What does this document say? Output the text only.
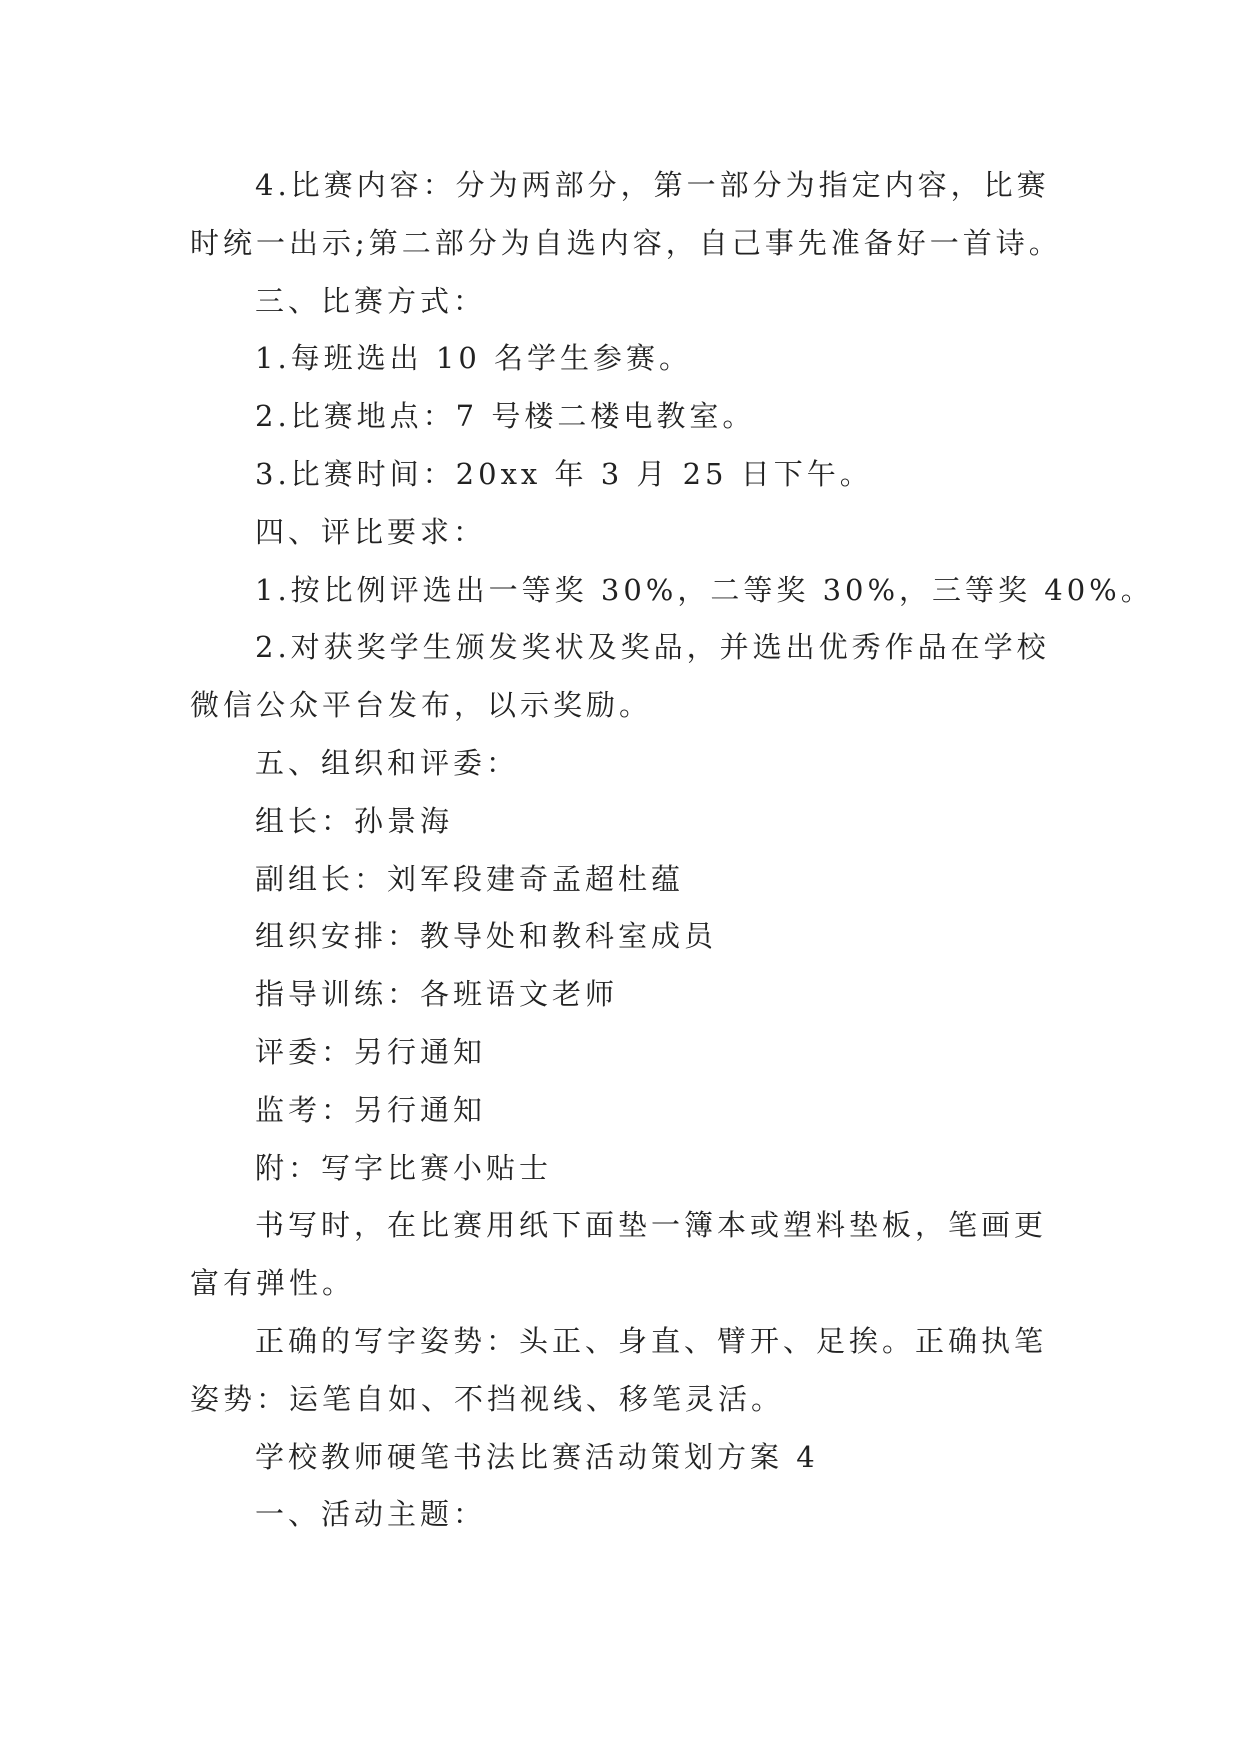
4.比赛内容：分为两部分，第一部分为指定内容，比赛
时统一出示;第二部分为自选内容，自己事先准备好一首诗。
三、比赛方式：
1.每班选出 10 名学生参赛。
2.比赛地点：7 号楼二楼电教室。
3.比赛时间：20xx 年 3 月 25 日下午。
四、评比要求：
1.按比例评选出一等奖 30%，二等奖 30%，三等奖 40%。
2.对获奖学生颁发奖状及奖品，并选出优秀作品在学校
微信公众平台发布，以示奖励。
五、组织和评委：
组长：孙景海
副组长：刘军段建奇孟超杜蕴
组织安排：教导处和教科室成员
指导训练：各班语文老师
评委：另行通知
监考：另行通知
附：写字比赛小贴士
书写时，在比赛用纸下面垫一簿本或塑料垫板，笔画更
富有弹性。
正确的写字姿势：头正、身直、臂开、足挨。正确执笔
姿势：运笔自如、不挡视线、移笔灵活。
学校教师硬笔书法比赛活动策划方案 4
一、活动主题：
